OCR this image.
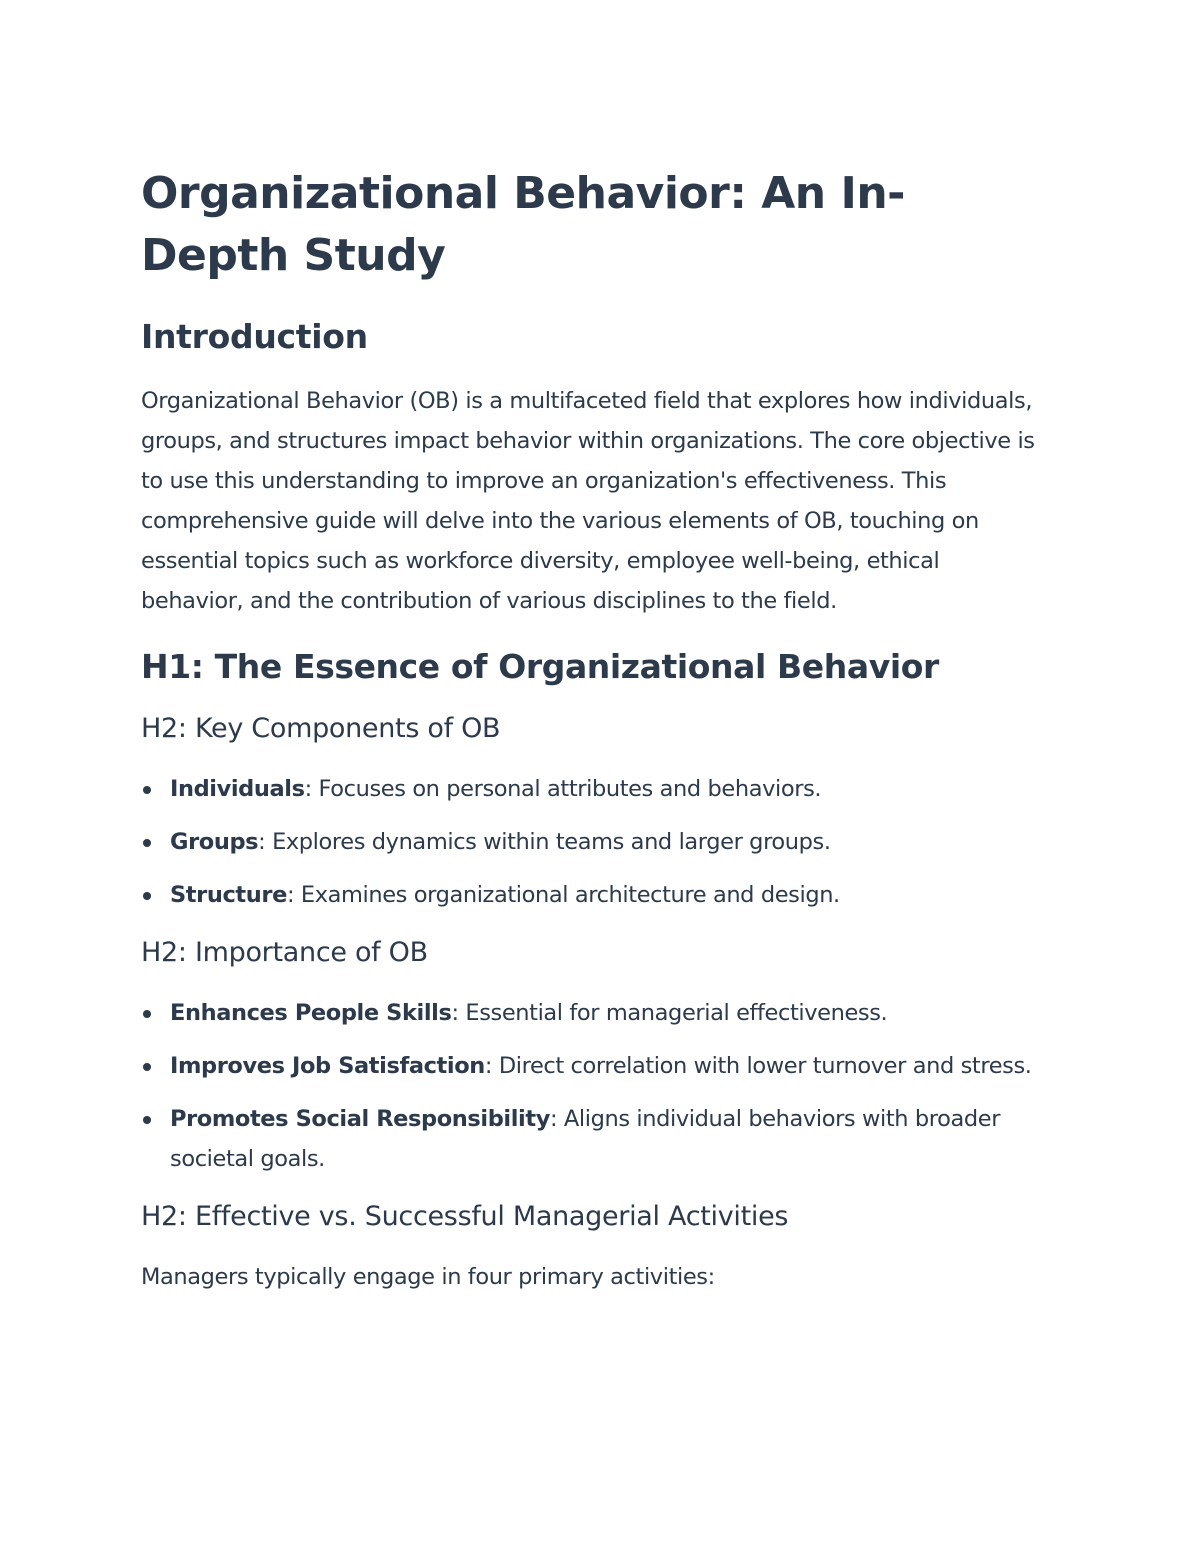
Organizational Behavior: An In-Depth Study
Introduction

Organizational Behavior (OB) is a multifaceted field that explores how individuals, groups, and structures impact behavior within organizations. The core objective is to use this understanding to improve an organization's effectiveness. This comprehensive guide will delve into the various elements of OB, touching on essential topics such as workforce diversity, employee well-being, ethical behavior, and the contribution of various disciplines to the field.

H1: The Essence of Organizational Behavior
H2: Key Components of OB
Individuals: Focuses on personal attributes and behaviors.
Groups: Explores dynamics within teams and larger groups.
Structure: Examines organizational architecture and design.
H2: Importance of OB
Enhances People Skills: Essential for managerial effectiveness.
Improves Job Satisfaction: Direct correlation with lower turnover and stress.
Promotes Social Responsibility: Aligns individual behaviors with broader societal goals.
H2: Effective vs. Successful Managerial Activities

Managers typically engage in four primary activities:
